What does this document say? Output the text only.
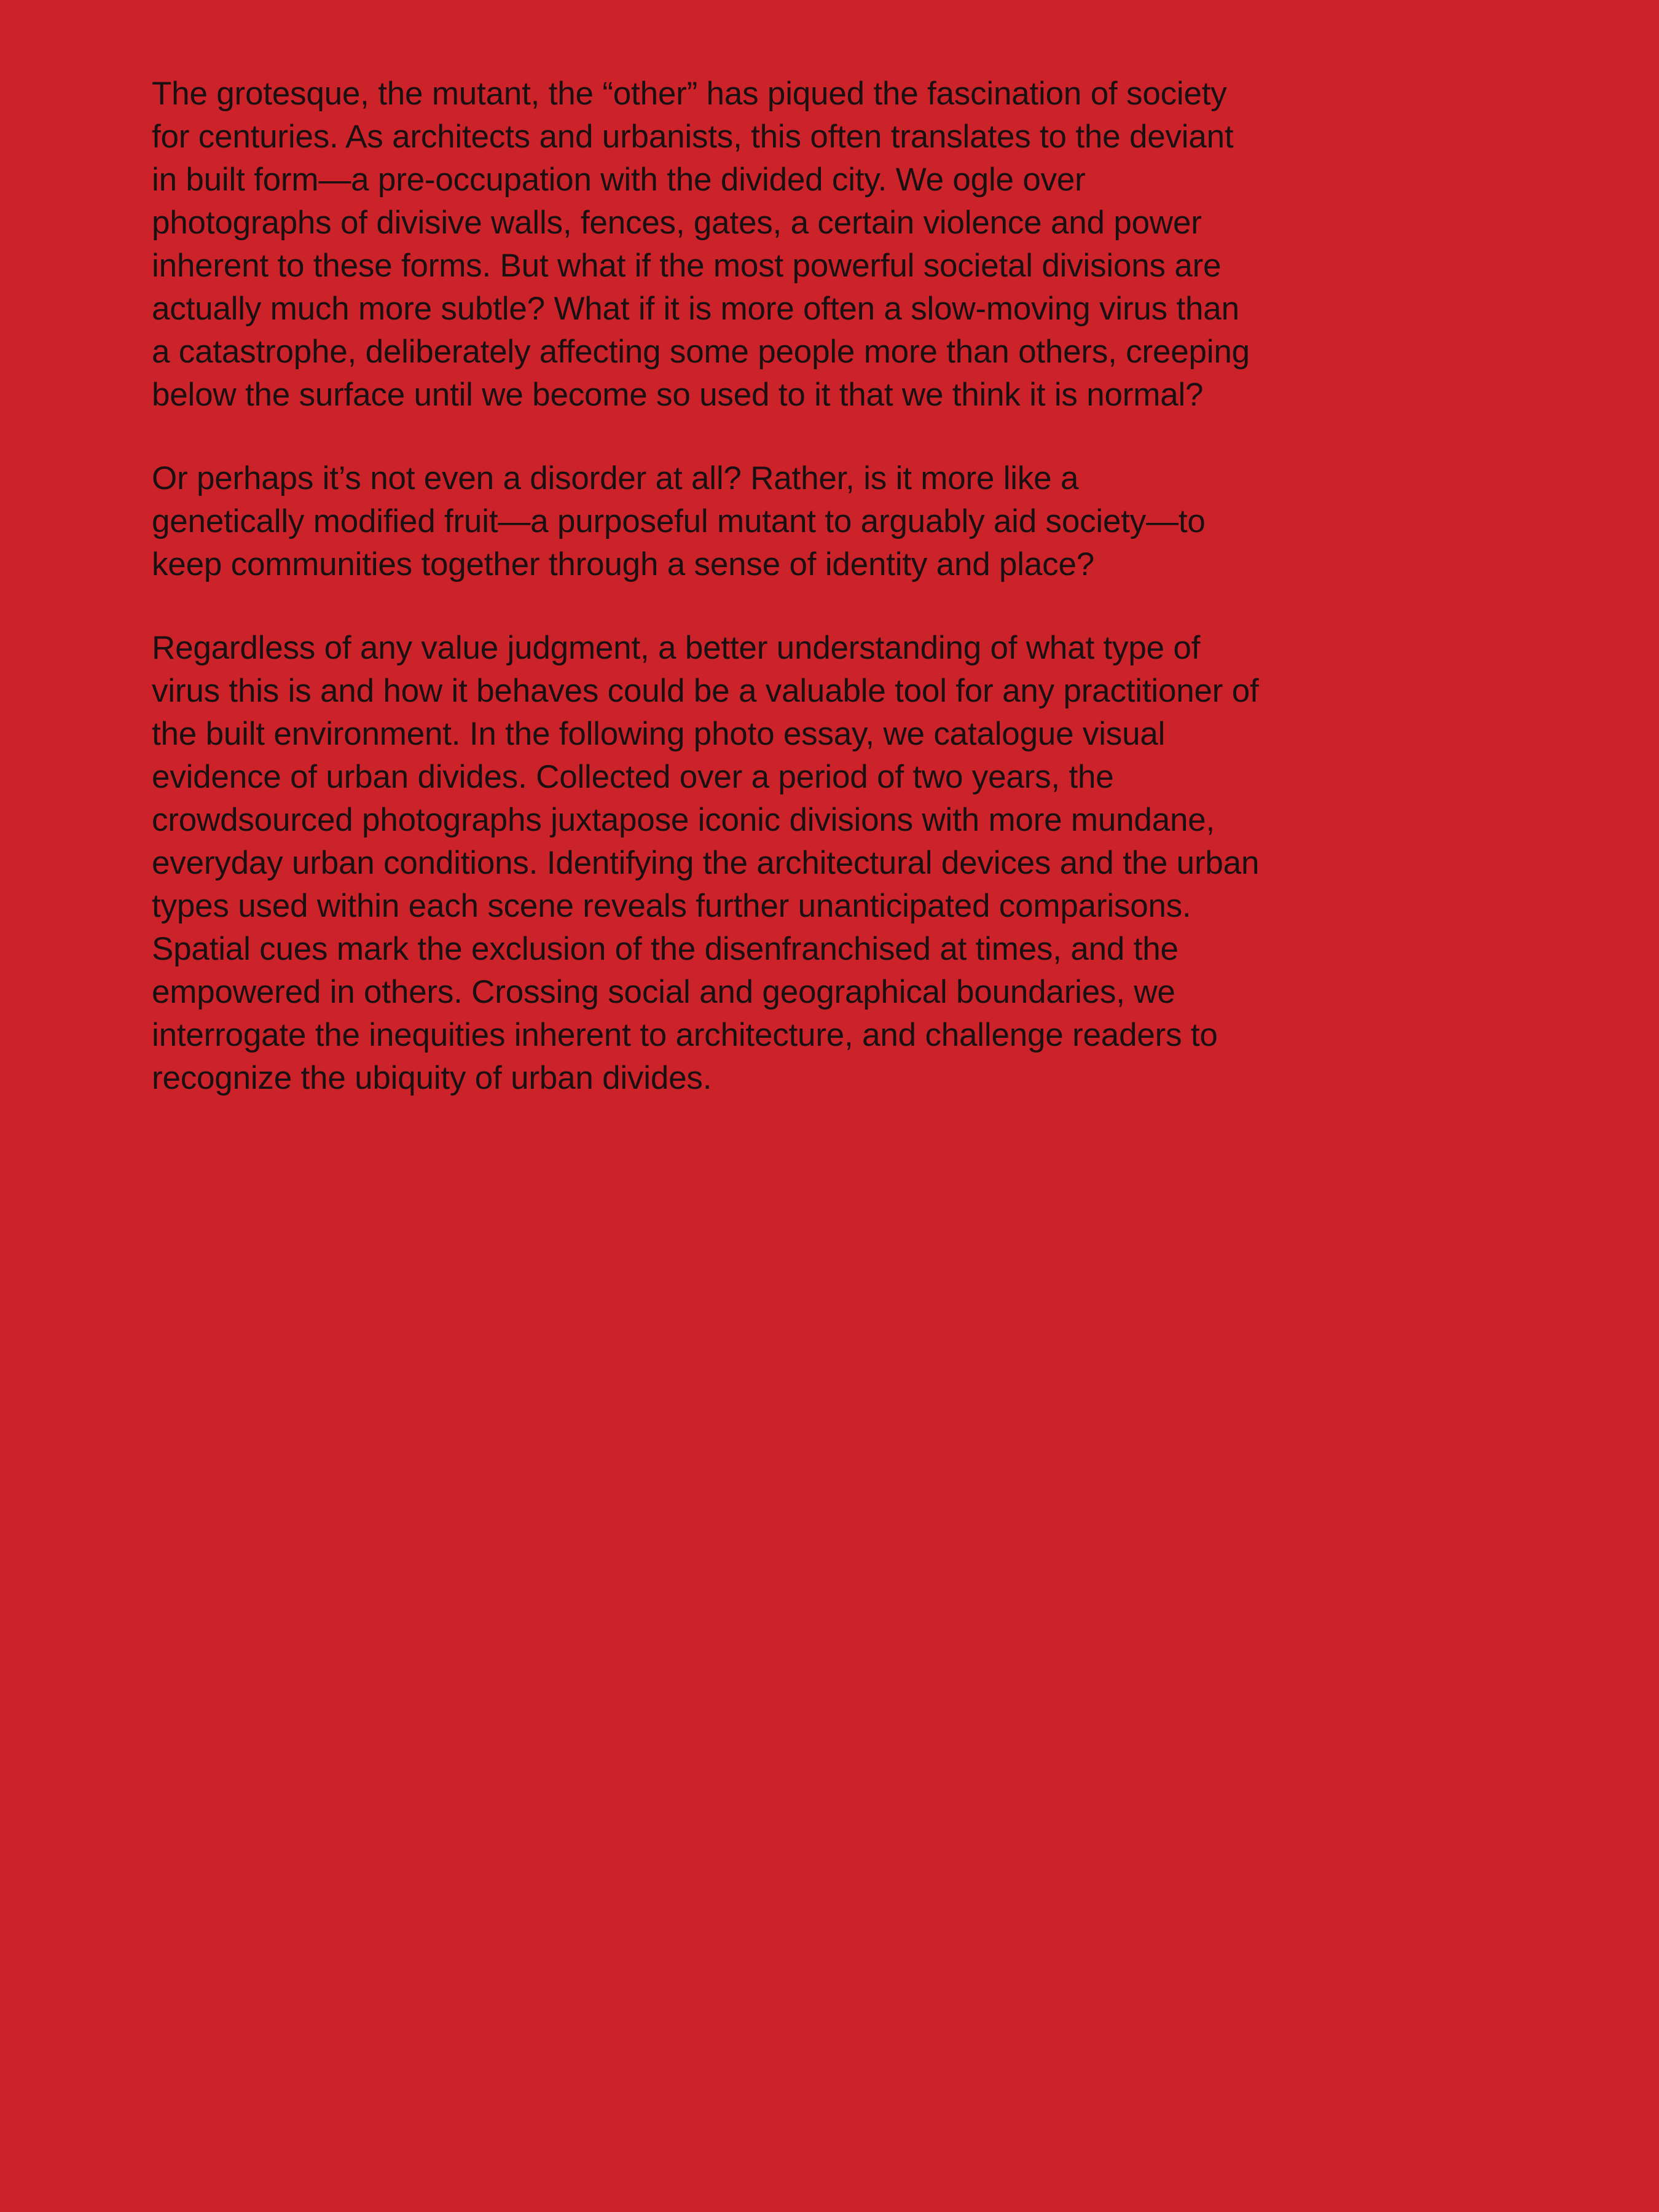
The grotesque, the mutant, the “other” has piqued the fascination of society for centuries. As architects and urbanists, this often translates to the deviant in built form—a pre-occupation with the divided city. We ogle over photographs of divisive walls, fences, gates, a certain violence and power inherent to these forms. But what if the most powerful societal divisions are actually much more subtle? What if it is more often a slow-moving virus than a catastrophe, deliberately affecting some people more than others, creeping below the surface until we become so used to it that we think it is normal?

Or perhaps it’s not even a disorder at all? Rather, is it more like a genetically modified fruit—a purposeful mutant to arguably aid society—to keep communities together through a sense of identity and place?

Regardless of any value judgment, a better understanding of what type of virus this is and how it behaves could be a valuable tool for any practitioner of the built environment. In the following photo essay, we catalogue visual evidence of urban divides. Collected over a period of two years, the crowdsourced photographs juxtapose iconic divisions with more mundane, everyday urban conditions. Identifying the architectural devices and the urban types used within each scene reveals further unanticipated comparisons. Spatial cues mark the exclusion of the disenfranchised at times, and the empowered in others. Crossing social and geographical boundaries, we interrogate the inequities inherent to architecture, and challenge readers to recognize the ubiquity of urban divides.
